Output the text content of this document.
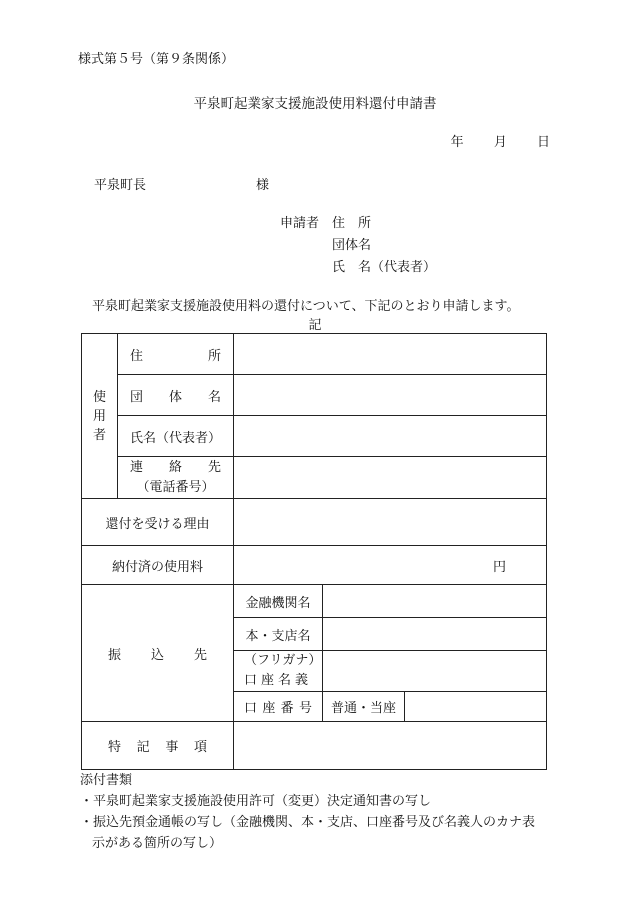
様式第５号（第９条関係）
平泉町起業家支援施設使用料還付申請書
年 月 日
平泉町長	様
申請者　 住　所
団体名
氏　名（代表者）
平泉町起業家支援施設使用料の還付について、下記のとおり申請します。
記
使
用
者	住所			
	団体名			
	氏名（代表者）			

	連絡先
（電話番号）			

還付を受ける理由				
納付済の使用料		円		

振込先		金融機関名		
		本・支店名		

		（フリガナ）
口座名義		

		口座番号	普通・当座	

特記事項				

添付書類
・平泉町起業家支援施設使用許可（変更）決定通知書の写し
・振込先預金通帳の写し（金融機関、本・支店、口座番号及び名義人のカナ表
示がある箇所の写し）
